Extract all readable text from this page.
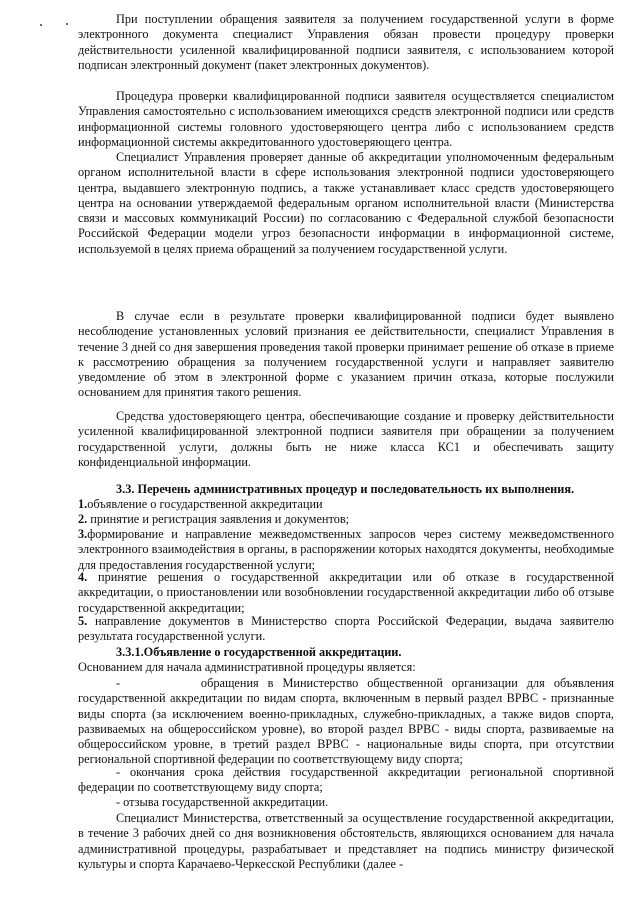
При поступлении обращения заявителя за получением государственной услуги в форме электронного документа специалист Управления обязан провести процедуру проверки действительности усиленной квалифицированной подписи заявителя, с использованием которой подписан электронный документ (пакет электронных документов).

Процедура проверки квалифицированной подписи заявителя осуществляется специалистом Управления самостоятельно с использованием имеющихся средств электронной подписи или средств информационной системы головного удостоверяющего центра либо с использованием средств информационной системы аккредитованного удостоверяющего центра.

Специалист Управления проверяет данные об аккредитации уполномоченным федеральным органом исполнительной власти в сфере использования электронной подписи удостоверяющего центра, выдавшего электронную подпись, а также устанавливает класс средств удостоверяющего центра на основании утверждаемой федеральным органом исполнительной власти (Министерства связи и массовых коммуникаций России) по согласованию с Федеральной службой безопасности Российской Федерации модели угроз безопасности информации в информационной системе, используемой в целях приема обращений за получением государственной услуги.

В случае если в результате проверки квалифицированной подписи будет выявлено несоблюдение установленных условий признания ее действительности, специалист Управления в течение 3 дней со дня завершения проведения такой проверки принимает решение об отказе в приеме к рассмотрению обращения за получением государственной услуги и направляет заявителю уведомление об этом в электронной форме с указанием причин отказа, которые послужили основанием для принятия такого решения.

Средства удостоверяющего центра, обеспечивающие создание и проверку действительности усиленной квалифицированной электронной подписи заявителя при обращении за получением государственной услуги, должны быть не ниже класса КС1 и обеспечивать защиту конфиденциальной информации.

3.3. Перечень административных процедур и последовательность их выполнения.

1.объявление о государственной аккредитации

2. принятие и регистрация заявления и документов;

3.формирование и направление межведомственных запросов через систему межведомственного электронного взаимодействия в органы, в распоряжении которых находятся документы, необходимые для предоставления государственной услуги;

4. принятие решения о государственной аккредитации или об отказе в государственной аккредитации, о приостановлении или возобновлении государственной аккредитации либо об отзыве государственной аккредитации;

5. направление документов в Министерство спорта Российской Федерации, выдача заявителю результата государственной услуги.

3.3.1.Объявление о государственной аккредитации.

Основанием для начала административной процедуры является:

-         обращения в Министерство общественной организации для объявления государственной аккредитации по видам спорта, включенным в первый раздел ВРВС - признанные виды спорта (за исключением военно-прикладных, служебно-прикладных, а также видов спорта, развиваемых на общероссийском уровне), во второй раздел ВРВС - виды спорта, развиваемые на общероссийском уровне, в третий раздел ВРВС - национальные виды спорта, при отсутствии региональной спортивной федерации по соответствующему виду спорта;

- окончания срока действия государственной аккредитации региональной спортивной федерации по соответствующему виду спорта;

- отзыва государственной аккредитации.

Специалист Министерства, ответственный за осуществление государственной аккредитации, в течение 3 рабочих дней со дня возникновения обстоятельств, являющихся основанием для начала административной процедуры, разрабатывает и представляет на подпись министру физической культуры и спорта Карачаево-Черкесской Республики (далее -
